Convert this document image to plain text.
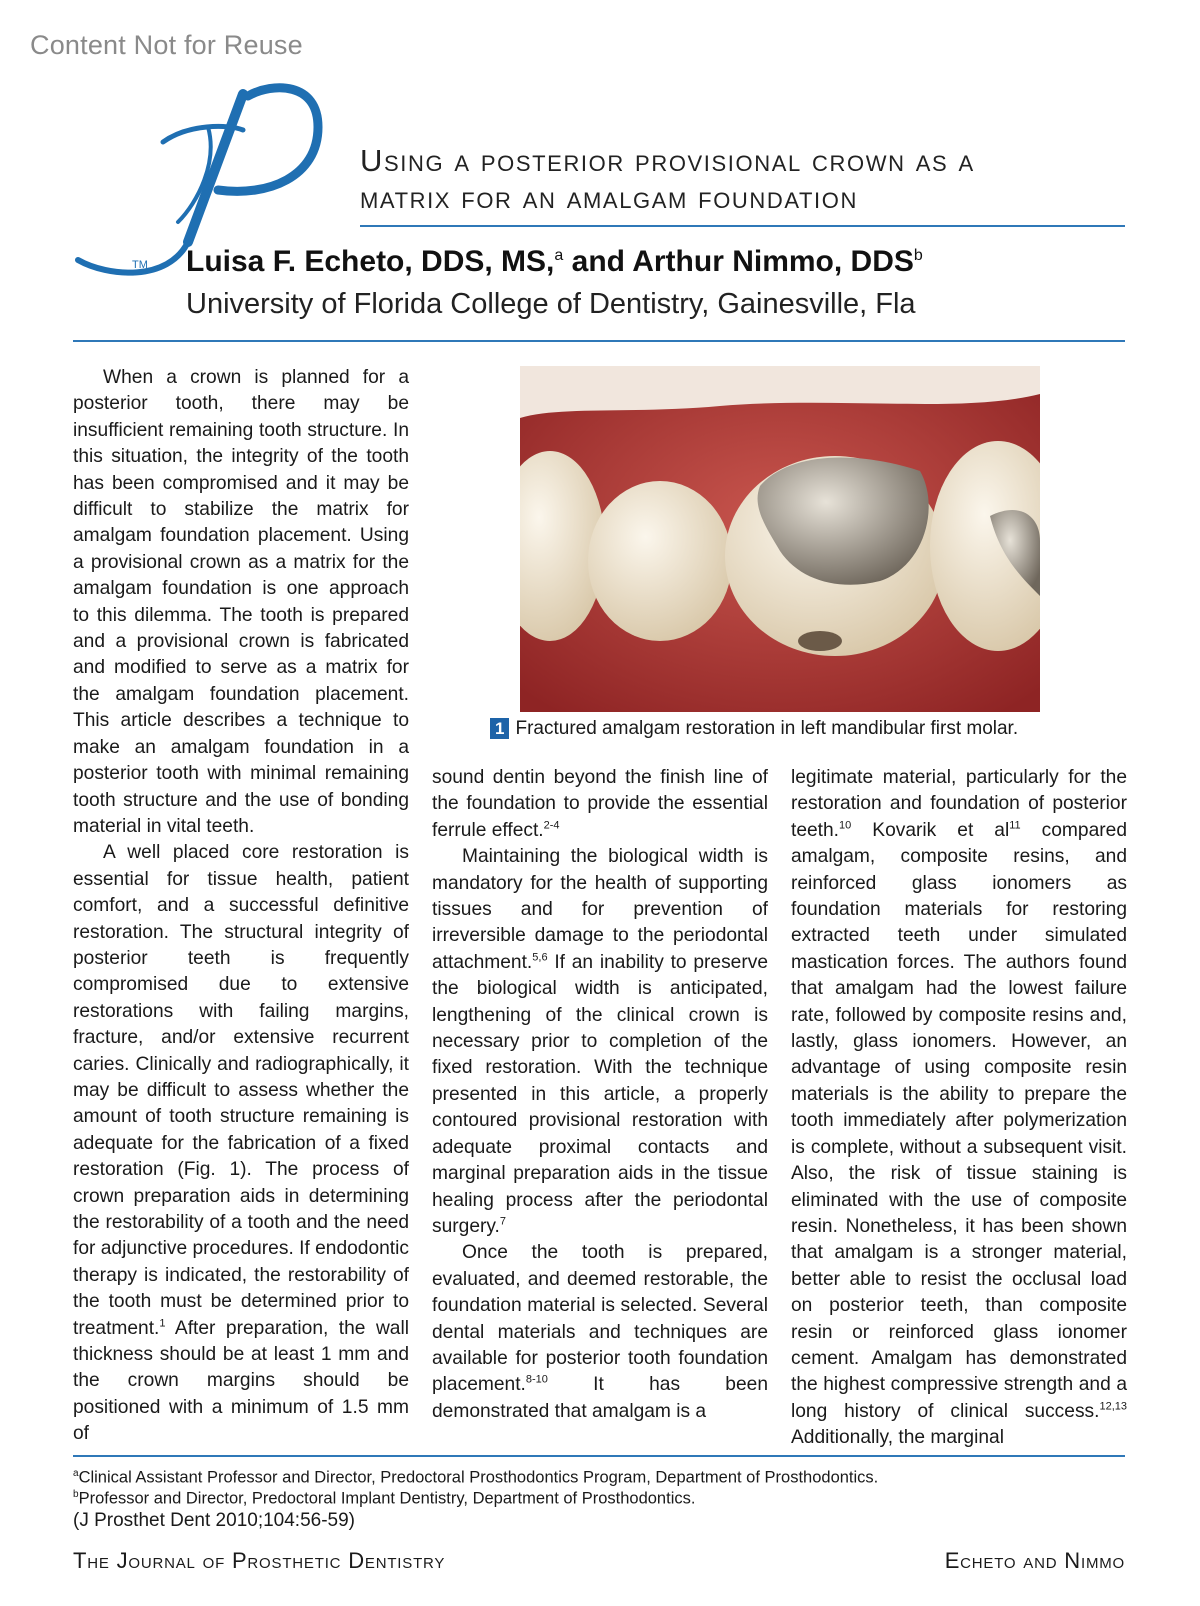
Content Not for Reuse
TM
Using a posterior provisional crown as a
matrix for an amalgam foundation
Luisa F. Echeto, DDS, MS,$^a$ and Arthur Nimmo, DDS$^b$
University of Florida College of Dentistry, Gainesville, Fla

When a crown is planned for a posterior tooth, there may be insufficient remaining tooth structure. In this situation, the integrity of the tooth has been compromised and it may be difficult to stabilize the matrix for amalgam foundation placement. Using a provisional crown as a matrix for the amalgam foundation is one approach to this dilemma. The tooth is prepared and a provisional crown is fabricated and modified to serve as a matrix for the amalgam foundation placement. This article describes a technique to make an amalgam foundation in a posterior tooth with minimal remaining tooth structure and the use of bonding material in vital teeth.

A well placed core restoration is essential for tissue health, patient comfort, and a successful definitive restoration. The structural integrity of posterior teeth is frequently compromised due to extensive restorations with failing margins, fracture, and/or extensive recurrent caries. Clinically and radiographically, it may be difficult to assess whether the amount of tooth structure remaining is adequate for the fabrication of a fixed restoration (Fig. 1). The process of crown preparation aids in determining the restorability of a tooth and the need for adjunctive procedures. If endodontic therapy is indicated, the restorability of the tooth must be determined prior to treatment.$^1$ After preparation, the wall thickness should be at least 1 mm and the crown margins should be positioned with a minimum of 1.5 mm of

1 Fractured amalgam restoration in left mandibular first molar.

sound dentin beyond the finish line of the foundation to provide the essential ferrule effect.$^{2-4}$

Maintaining the biological width is mandatory for the health of supporting tissues and for prevention of irreversible damage to the periodontal attachment.$^{5,6}$ If an inability to preserve the biological width is anticipated, lengthening of the clinical crown is necessary prior to completion of the fixed restoration. With the technique presented in this article, a properly contoured provisional restoration with adequate proximal contacts and marginal preparation aids in the tissue healing process after the periodontal surgery.$^7$

Once the tooth is prepared, evaluated, and deemed restorable, the foundation material is selected. Several dental materials and techniques are available for posterior tooth foundation placement.$^{8-10}$ It has been demonstrated that amalgam is a

legitimate material, particularly for the restoration and foundation of posterior teeth.$^{10}$ Kovarik et $al^{11}$ compared amalgam, composite resins, and reinforced glass ionomers as foundation materials for restoring extracted teeth under simulated mastication forces. The authors found that amalgam had the lowest failure rate, followed by composite resins and, lastly, glass ionomers. However, an advantage of using composite resin materials is the ability to prepare the tooth immediately after polymerization is complete, without a subsequent visit. Also, the risk of tissue staining is eliminated with the use of composite resin. Nonetheless, it has been shown that amalgam is a stronger material, better able to resist the occlusal load on posterior teeth, than composite resin or reinforced glass ionomer cement. Amalgam has demonstrated the highest compressive strength and a long history of clinical success.$^{12,13}$ Additionally, the marginal

$^a$Clinical Assistant Professor and Director, Predoctoral Prosthodontics Program, Department of Prosthodontics.
$^b$Professor and Director, Predoctoral Implant Dentistry, Department of Prosthodontics.
(J Prosthet Dent 2010;104:56-59)
The Journal of Prosthetic Dentistry	Echeto and Nimmo
